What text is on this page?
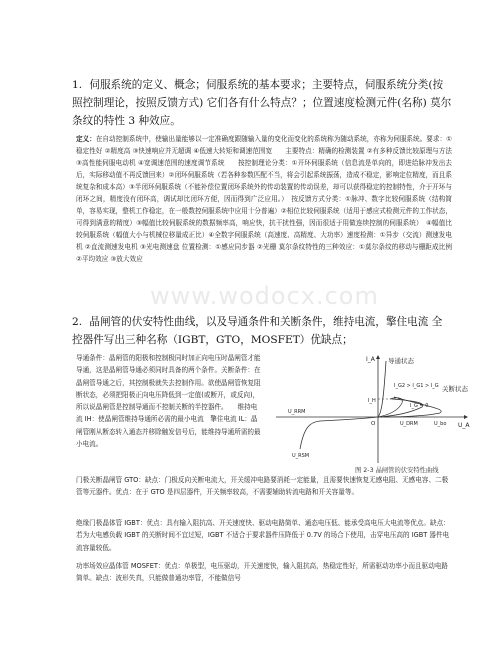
1. 伺服系统的定义、概念；伺服系统的基本要求；主要特点，伺服系统分类(按照控制理论，按照反馈方式) 它们各有什么特点？；位置速度检测元件(名称) 莫尔条纹的特性 3 种效应。
定义：在自动控制系统中，使输出量能够以一定准确度跟随输入量的变化而变化的系统称为随动系统，亦称为伺服系统。要求：①稳定性好 ②精度高 ③快速响应并无超调 ④低速大转矩和调速范围宽　　主要特点：精确的检测装置 ②有多种反馈比较原理与方法 ③高性能伺服电动机 ④宽调速范围的速度调节系统　　按控制理论分类：①开环伺服系统（信息流是单向的，即进给脉冲发出去后，实际移动值不再反馈回来）②闭环伺服系统（若各种参数匹配不当，将会引起系统振荡，造成不稳定，影响定位精度，而且系统复杂和成本高）③半闭环伺服系统（不能补偿位置闭环系统外的传动装置的传动误差，却可以获得稳定的控制特性，介于开环与闭环之间，精度没有闭环高，调试却比闭环方便，因而得到广泛应用。）　按反馈方式分类：①脉冲、数字比较伺服系统（结构简单，容易实现，整机工作稳定，在一般数控伺服系统中应用十分普遍）②相位比较伺服系统（适用于感应式检测元件的工作状态，可得到满意的精度）③幅值比较伺服系统的数据频率高，响应快，抗干扰性强，因而很适于用做连续控制的伺服系统）　④幅值比较伺服系统（幅值大小与机械位移量成正比）④全数字伺服系统（高速度、高精度、大功率）速度检测：①异步（交流）测速发电机 ②直流测速发电机 ③光电测速盘 位置检测：①感应同步器 ②光栅 莫尔条纹特性的三种效应：①莫尔条纹的移动与栅距成比例 ②平均效应 ③放大效应
2. 晶闸管的伏安特性曲线，以及导通条件和关断条件，维持电流，擎住电流 全控器件写出三种名称（IGBT，GTO，MOSFET）优缺点；

导通条件：晶闸管的阳极和控制极同时加正向电压时晶闸管才能导通，这是晶闸管导通必须同时具备的两个条件。关断条件：在晶闸管导通之后，其控制极就失去控制作用。欲使晶闸管恢复阻断状态，必须把阳极正向电压降低到一定值(或断开，或反向)，所以说晶闸管是控制导通而不控制关断的半控器件。　　维持电流 IH：使晶闸管维持导通所必需的最小电流　擎住电流 IL：晶闸管刚从断态转入通态并移除触发信号后，能维持导通所需的最小电流。

www.wodocx.com
导通状态
关断状态
I_A
U_A
I_G2 > I_G1 > I_G
I_G = 0
I_H
U_bo
U_RRM
U_DRM
U_RSM
O
图 2-3 晶闸管的伏安特性曲线
门极关断晶闸管 GTO：缺点：门极反向关断电流大，开关缓冲电路要消耗一定能量，且需要快速恢复无感电阻、无感电容、二极管等元器件。优点：在于 GTO 是四层器件，开关频率较高，不需要辅助转流电路和开关容量等。
绝缘门极晶体管 IGBT：优点：具有输入阻抗高、开关速度快、驱动电路简单、通态电压低、能承受高电压大电流等优点。缺点：若为大电感负载 IGBT 的关断时间不宜过短，IGBT 不适合于要求器件压降低于 0.7V 的场合下使用，击穿电压高的 IGBT 器件电流容量较低。
功率场效应晶体管 MOSFET：优点：单极型，电压驱动，开关速度快，输入阻抗高，热稳定性好，所需驱动功率小而且驱动电路简单。缺点：波形失真，只能做普通功率管，不能做信号
